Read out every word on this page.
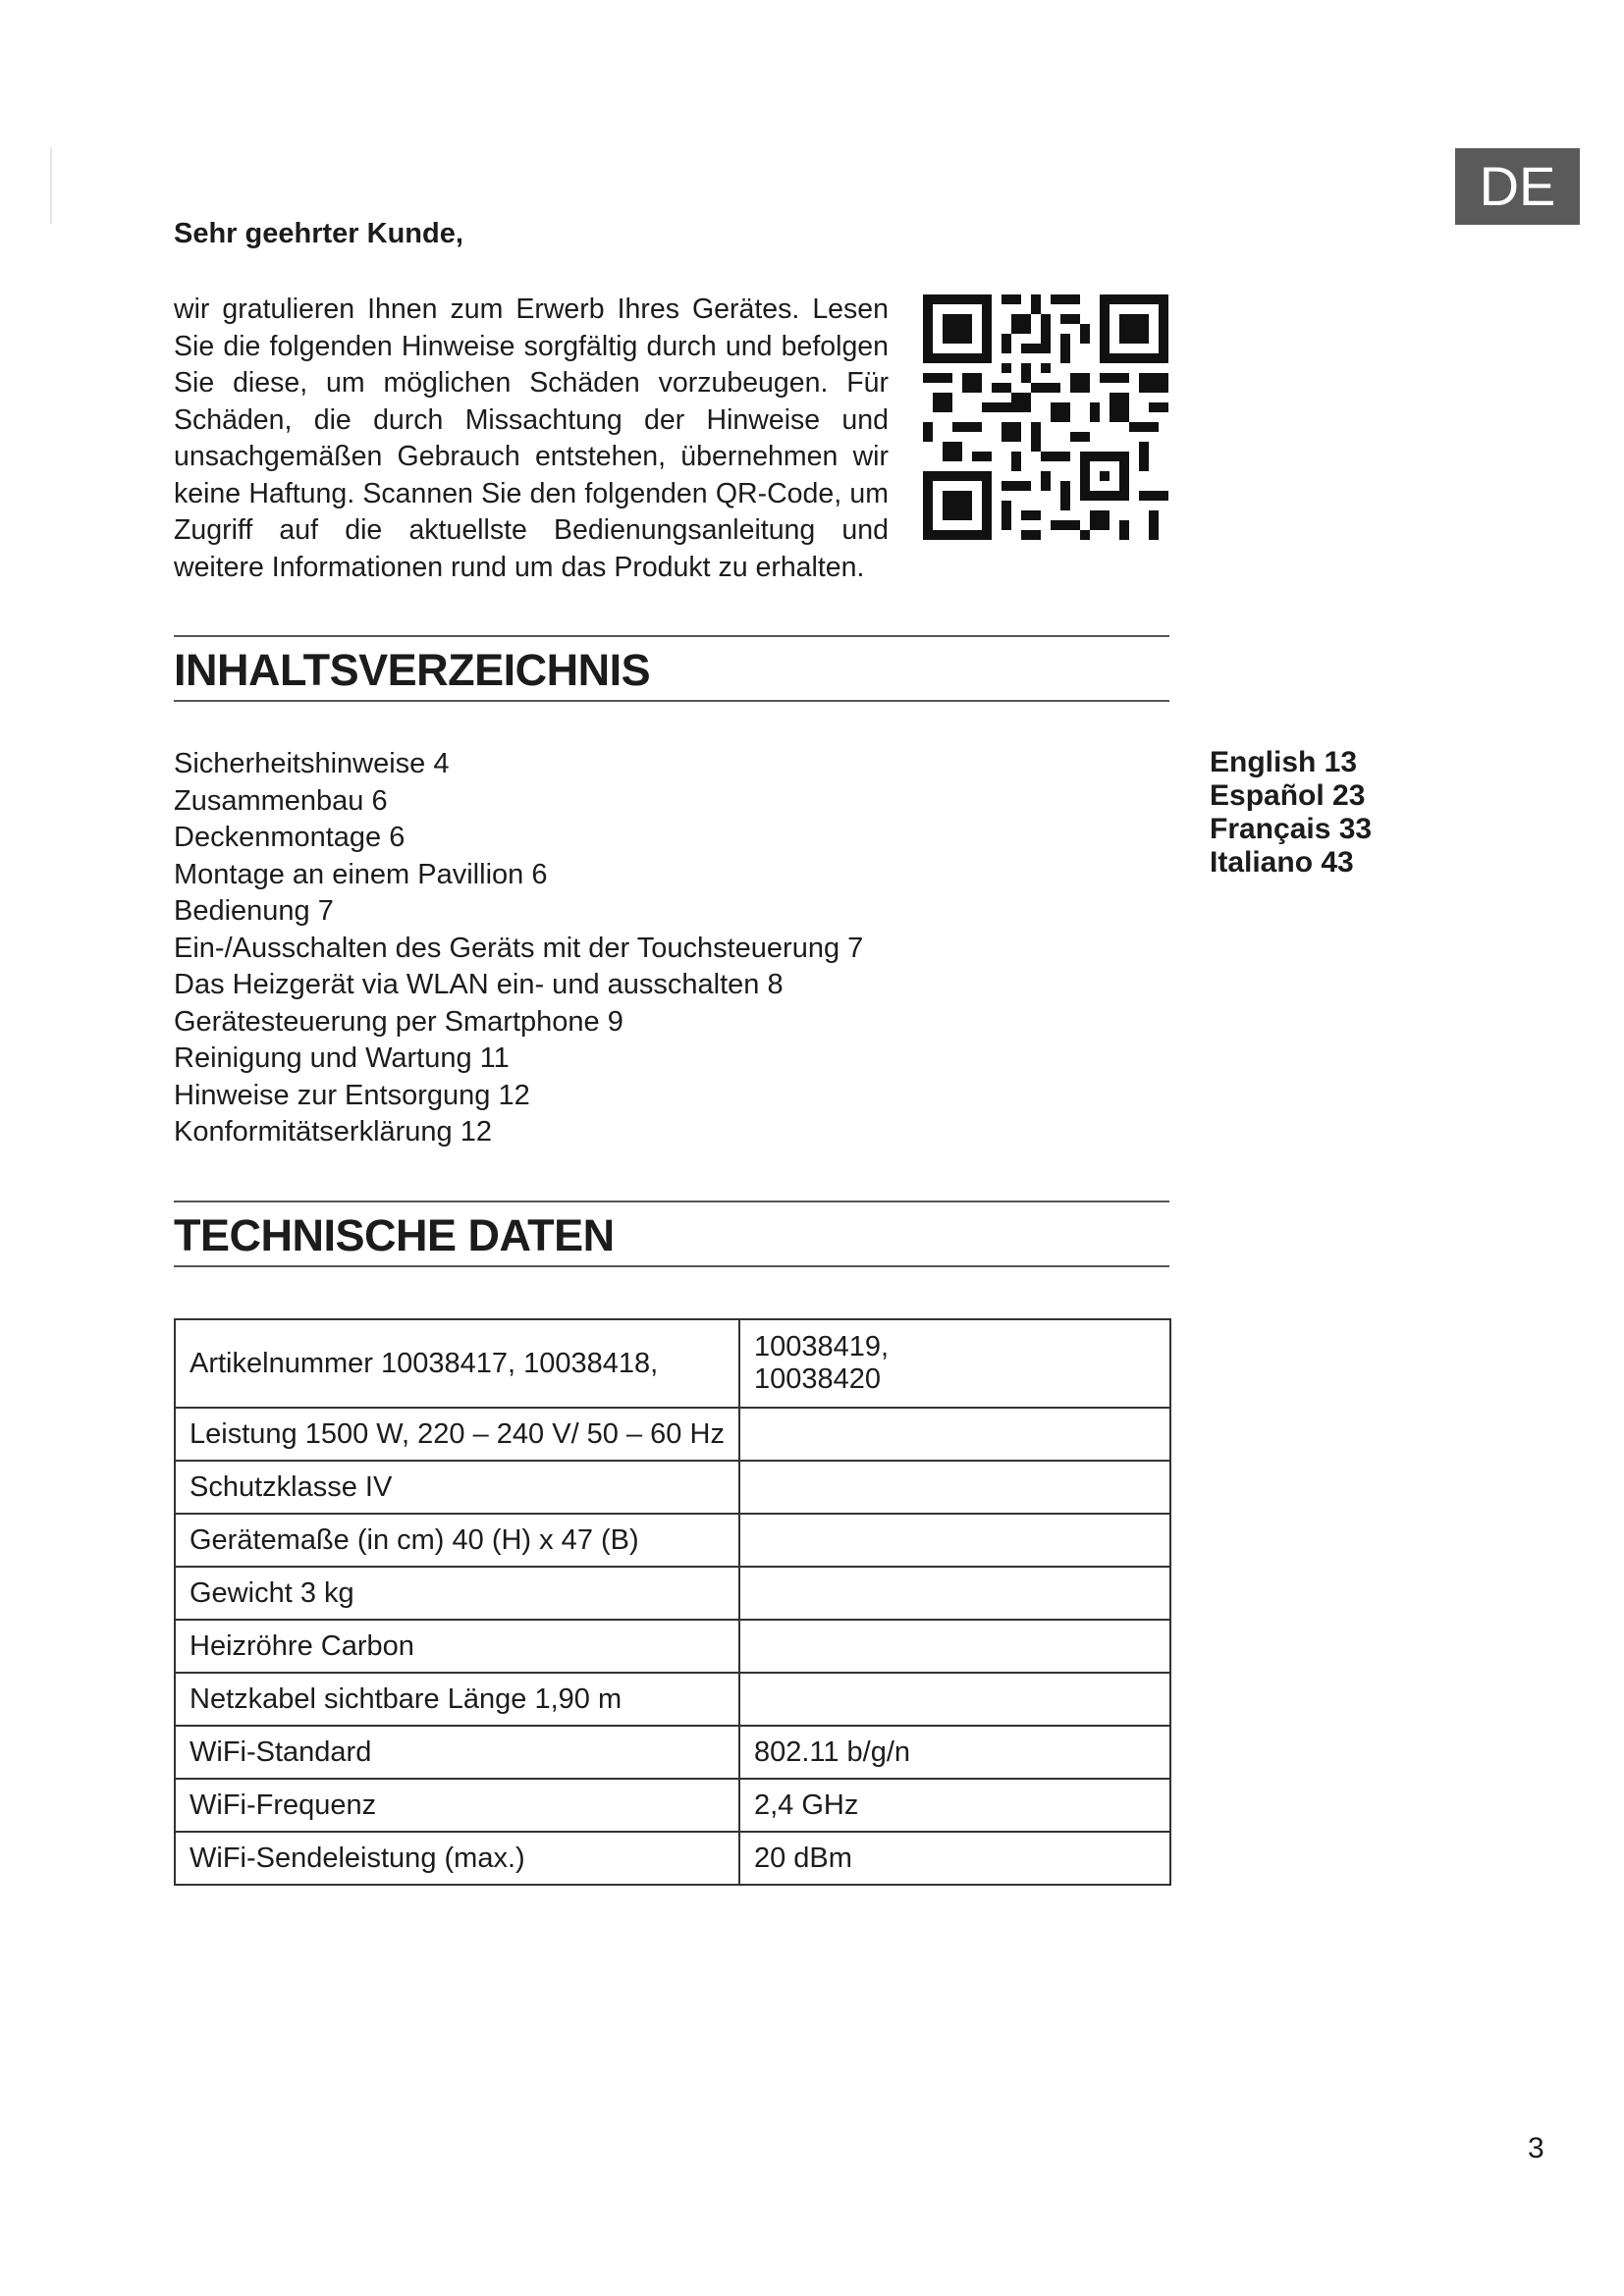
DE
Sehr geehrter Kunde,

wir gratulieren Ihnen zum Erwerb Ihres Gerätes. Lesen Sie die folgenden Hinweise sorgfältig durch und befolgen Sie diese, um möglichen Schäden vorzubeugen. Für Schäden, die durch Missachtung der Hinweise und unsachgemäßen Gebrauch entstehen, übernehmen wir keine Haftung. Scannen Sie den folgenden QR-Code, um Zugriff auf die aktuellste Bedienungsanleitung und weitere Informationen rund um das Produkt zu erhalten.

INHALTSVERZEICHNIS
Sicherheitshinweise 4
Zusammenbau 6
Deckenmontage 6
Montage an einem Pavillion 6
Bedienung 7
Ein-/Ausschalten des Geräts mit der Touchsteuerung 7
Das Heizgerät via WLAN ein- und ausschalten 8
Gerätesteuerung per Smartphone 9
Reinigung und Wartung 11
Hinweise zur Entsorgung 12
Konformitätserklärung 12
English 13
Español 23
Français 33
Italiano 43
TECHNISCHE DATEN
Artikelnummer 10038417, 10038418,	10038419,
10038420
Leistung 1500 W, 220 – 240 V/ 50 – 60 Hz	
Schutzklasse IV	
Gerätemaße (in cm) 40 (H) x 47 (B)	
Gewicht 3 kg	
Heizröhre Carbon	
Netzkabel sichtbare Länge 1,90 m	
WiFi-Standard	802.11 b/g/n
WiFi-Frequenz	2,4 GHz
WiFi-Sendeleistung (max.)	20 dBm
3
